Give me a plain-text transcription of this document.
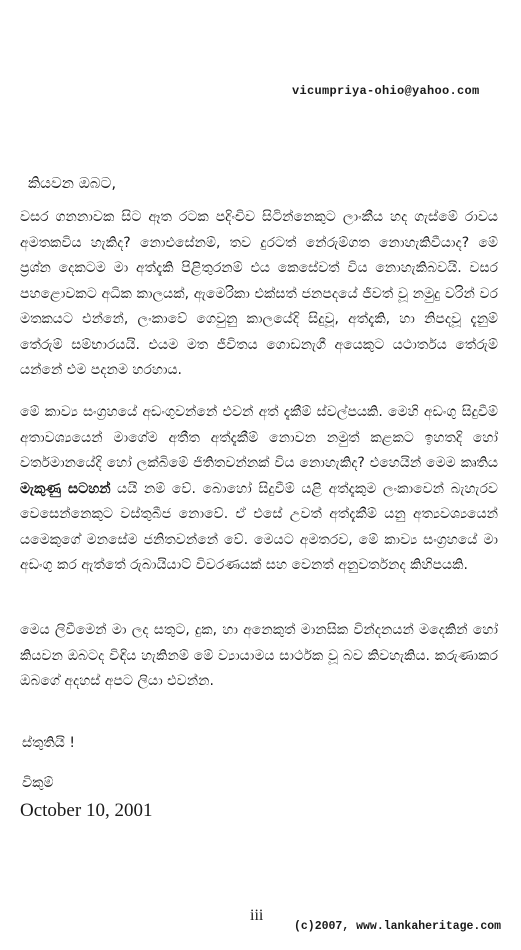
vicumpriya-ohio@yahoo.com
කියවන ඔබට,
වසර ගනනාවක සිට ඈත රටක පදිංචිව සිටින්නෙකුට ලාංකීය හද ගැස්මේ රාවය අමතකවිය හැකිද? නොඑසේනම්, තව දුරටත් නේරුම්ගත නොහැකිවීයාද? මේ ප්‍රශ්න දෙකටම මා අත්දැකි පිළිතුරනම් එය කෙසේවත් විය නොහැකිබවයි. වසර පහළොවකට අධික කාලයක්, ඇමෙරිකා එක්සත් ජනපදයේ ජීවත් වූ නමුදු වරින් වර මතකයට එන්නේ, ලංකාවේ ගෙවුනු කාලයේදි සිදුවූ, අත්දැකි, හා නිපදවූ දැනුම් තේරුම් සම්භාරයයි. එයම මත ජීවිතය ගොඩනැගී අයෙකුට යථාර්තය තේරුම් යන්නේ එම පදනම හරහාය.
මේ කාව්‍ය සංග්‍රහයේ අඩංගුවන්නේ එවන් අත් දැකීම් ස්වල්පයකි. මෙහි අඩංගු සිදුවීම් අතාවශ්‍යයෙන් මාගේම අතීත අත්දැකීම් නොවන නමුත් කළකට ඉහතදි හෝ වර්තමානයේදි හෝ ලක්බිමේ ජිතිතවන්නක් විය නොහැකිද? එහෙයින් මෙම කෘතිය මැකුණු සටහන් යයි නම් වේ. බොහෝ සිදුවීම් යළි අත්දැකුම ලංකාවෙන් බැහැරව වෙසෙන්නෙකුට වස්තුබීජ නොවේ. ඒ එසේ උවත් අත්දැකීම් යනු අත්‍යවශ්‍යයෙන් යමෙකුගේ මනසේම ජනිතවන්නේ වේ. මෙයට අමතරව, මේ කාව්‍ය සංග්‍රහයේ මා අඩංගු කර ඇත්තේ රුබායියාට් විවරණයක් සහ වෙනත් අනුවර්තනද කිහිපයකි.
මෙය ලිවීමෙන් මා ලද සතුට, දුක, හා අනෙකුත් මානසික වින්දනයන් මදෙකින් හෝ කියවන ඔබටද විඳිය හැකිනම් මේ ව්‍යායාමය සාර්ථක වූ බව කිවහැකිය. කරුණාකර ඔබගේ අදහස් අපට ලියා එවන්න.
ස්තුතියි !
විකුම්
October 10, 2001
iii
(c)2007, www.lankaheritage.com
